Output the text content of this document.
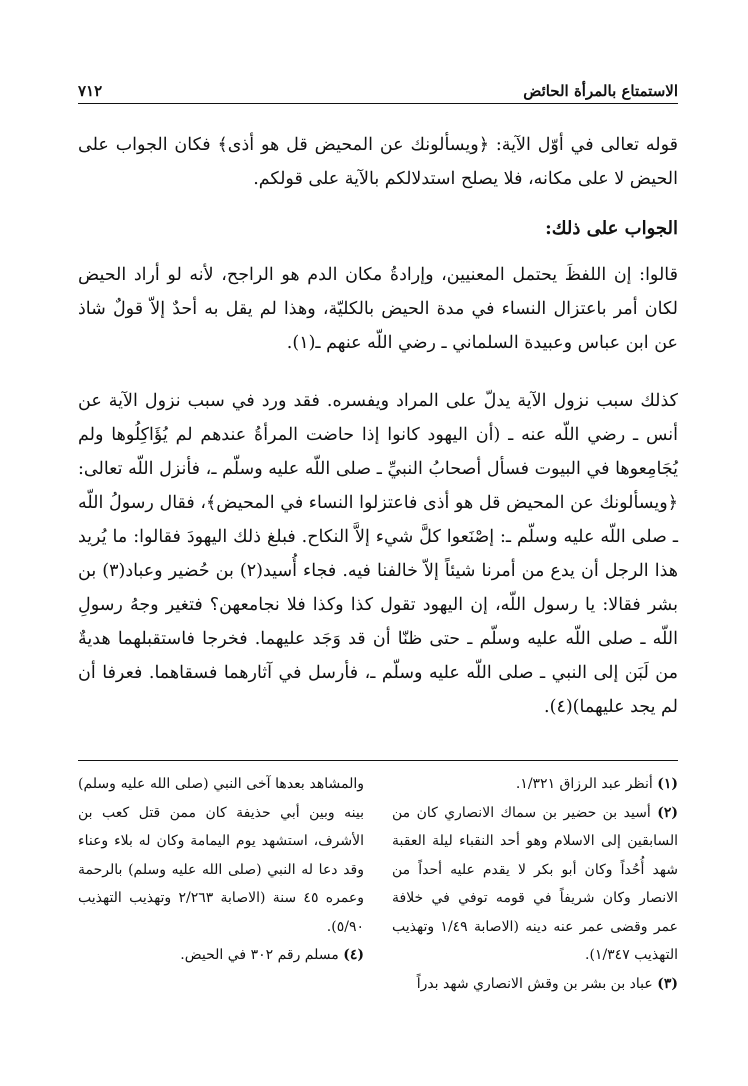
الاستمتاع بالمرأة الحائض
٧١٢
قوله تعالى في أوّل الآية: ﴿ويسألونك عن المحيض قل هو أذى﴾ فكان الجواب على الحيض لا على مكانه، فلا يصلح استدلالكم بالآية على قولكم.
الجواب على ذلك:
قالوا: إن اللفظَ يحتمل المعنيين، وإرادةُ مكان الدم هو الراجح، لأنه لو أراد الحيض لكان أمر باعتزال النساء في مدة الحيض بالكليّة، وهذا لم يقل به أحدٌ إلاّ قولٌ شاذ عن ابن عباس وعبيدة السلماني ـ رضي اللّه عنهم ـ(١).
كذلك سبب نزول الآية يدلّ على المراد ويفسره. فقد ورد في سبب نزول الآية عن أنس ـ رضي اللّه عنه ـ (أن اليهود كانوا إذا حاضت المرأةُ عندهم لم يُؤَاكِلُوها ولم يُجَامِعوها في البيوت فسأل أصحابُ النبيِّ ـ صلى اللّه عليه وسلّم ـ، فأنزل اللّه تعالى: ﴿ويسألونك عن المحيض قل هو أذى فاعتزلوا النساء في المحيض﴾، فقال رسولُ اللّه ـ صلى اللّه عليه وسلّم ـ: إصْنَعوا كلَّ شيء إلاَّ النكاح. فبلغ ذلك اليهودَ فقالوا: ما يُريد هذا الرجل أن يدع من أمرنا شيئاً إلاّ خالفنا فيه. فجاء أُسيد(٢) بن حُضير وعباد(٣) بن بشر فقالا: يا رسول اللّه، إن اليهود تقول كذا وكذا فلا نجامعهن؟ فتغير وجهُ رسولِ اللّه ـ صلى اللّه عليه وسلّم ـ حتى ظنّا أن قد وَجَد عليهما. فخرجا فاستقبلهما هديةٌ من لَبَن إلى النبي ـ صلى اللّه عليه وسلّم ـ، فأرسل في آثارهما فسقاهما. فعرفا أن لم يجد عليهما)(٤).
(١) أنظر عبد الرزاق ١/٣٢١.
(٢) أسيد بن حضير بن سماك الانصاري كان من السابقين إلى الاسلام وهو أحد النقباء ليلة العقبة شهد أُحُداً وكان أبو بكر لا يقدم عليه أحداً من الانصار وكان شريفاً في قومه توفي في خلافة عمر وقضى عمر عنه دينه (الاصابة ١/٤٩ وتهذيب التهذيب ١/٣٤٧).
(٣) عباد بن بشر بن وقش الانصاري شهد بدراً
والمشاهد بعدها آخى النبي (صلى الله عليه وسلم) بينه وبين أبي حذيفة كان ممن قتل كعب بن الأشرف، استشهد يوم اليمامة وكان له بلاء وعناء وقد دعا له النبي (صلى الله عليه وسلم) بالرحمة وعمره ٤٥ سنة (الاصابة ٢/٢٦٣ وتهذيب التهذيب ٥/٩٠).
(٤) مسلم رقم ٣٠٢ في الحيض.
